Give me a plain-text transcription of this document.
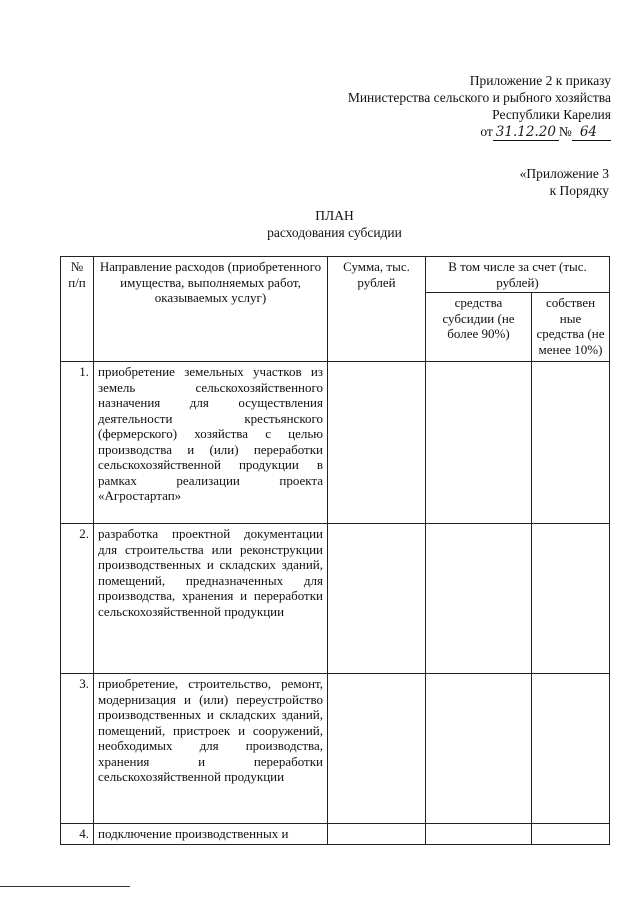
Приложение 2 к приказу
Министерства сельского и рыбного хозяйства
Республики Карелия
от 31.12.20 № 64
«Приложение 3
к Порядку
ПЛАН
расходования субсидии
№ п/п	Направление расходов (приобретенного имущества, выполняемых работ, оказываемых услуг)	Сумма, тыс. рублей	В том числе за счет (тыс. рублей)	
			средства субсидии (не более 90%)	собствен ные средства (не менее 10%)
1.	приобретение земельных участков из земель сельскохозяйственного назначения для осуществления деятельности крестьянского (фермерского) хозяйства с целью производства и (или) переработки сельскохозяйственной продукции в рамках реализации проекта «Агростартап»			
2.	разработка проектной документации для строительства или реконструкции производственных и складских зданий, помещений, предназначенных для производства, хранения и переработки сельскохозяйственной продукции			
3.	приобретение, строительство, ремонт, модернизация и (или) переустройство производственных и складских зданий, помещений, пристроек и сооружений, необходимых для производства, хранения и переработки сельскохозяйственной продукции			
4.	подключение производственных и			
